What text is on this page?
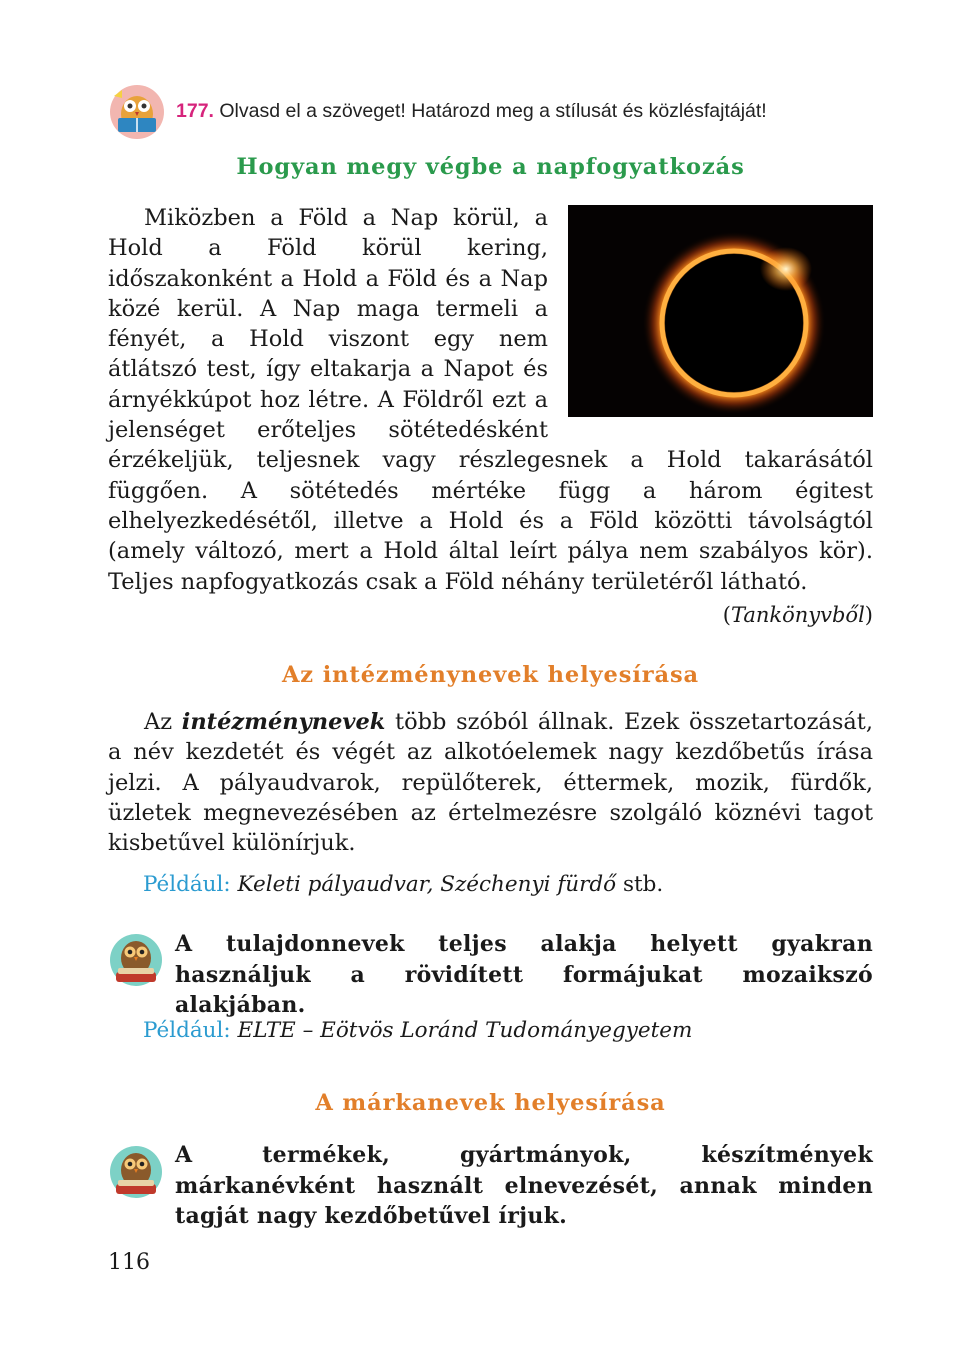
177. Olvasd el a szöveget! Határozd meg a stílusát és közlésfajtáját!
Hogyan megy végbe a napfogyatkozás

Miközben a Föld a Nap körül, a Hold a Föld körül kering, időszakonként a Hold a Föld és a Nap közé kerül. A Nap maga termeli a fényét, a Hold viszont egy nem átlátszó test, így eltakarja a Napot és árnyékkúpot hoz létre. A Földről ezt a jelenséget erőteljes sötétedésként érzékeljük, teljesnek vagy részlegesnek a Hold takarásától függően. A sötétedés mértéke függ a három égitest elhelyezkedésétől, illetve a Hold és a Föld közötti távolságtól (amely változó, mert a Hold által leírt pálya nem szabályos kör). Teljes napfogyatkozás csak a Föld néhány területéről látható.

(Tankönyvből)
Az intézménynevek helyesírása

Az intézménynevek több szóból állnak. Ezek összetartozását, a név kezdetét és végét az alkotóelemek nagy kezdőbetűs írása jelzi. A pályaudvarok, repülőterek, éttermek, mozik, fürdők, üzletek megnevezésében az értelmezésre szolgáló köznévi tagot kisbetűvel különírjuk.

Például: Keleti pályaudvar, Széchenyi fürdő stb.

A tulajdonnevek teljes alakja helyett gyakran használjuk a rövidített formájukat mozaikszó alakjában.

Például: ELTE – Eötvös Loránd Tudományegyetem
A márkanevek helyesírása

A termékek, gyártmányok, készítmények márkanévként használt elnevezését, annak minden tagját nagy kezdőbetűvel írjuk.

116
